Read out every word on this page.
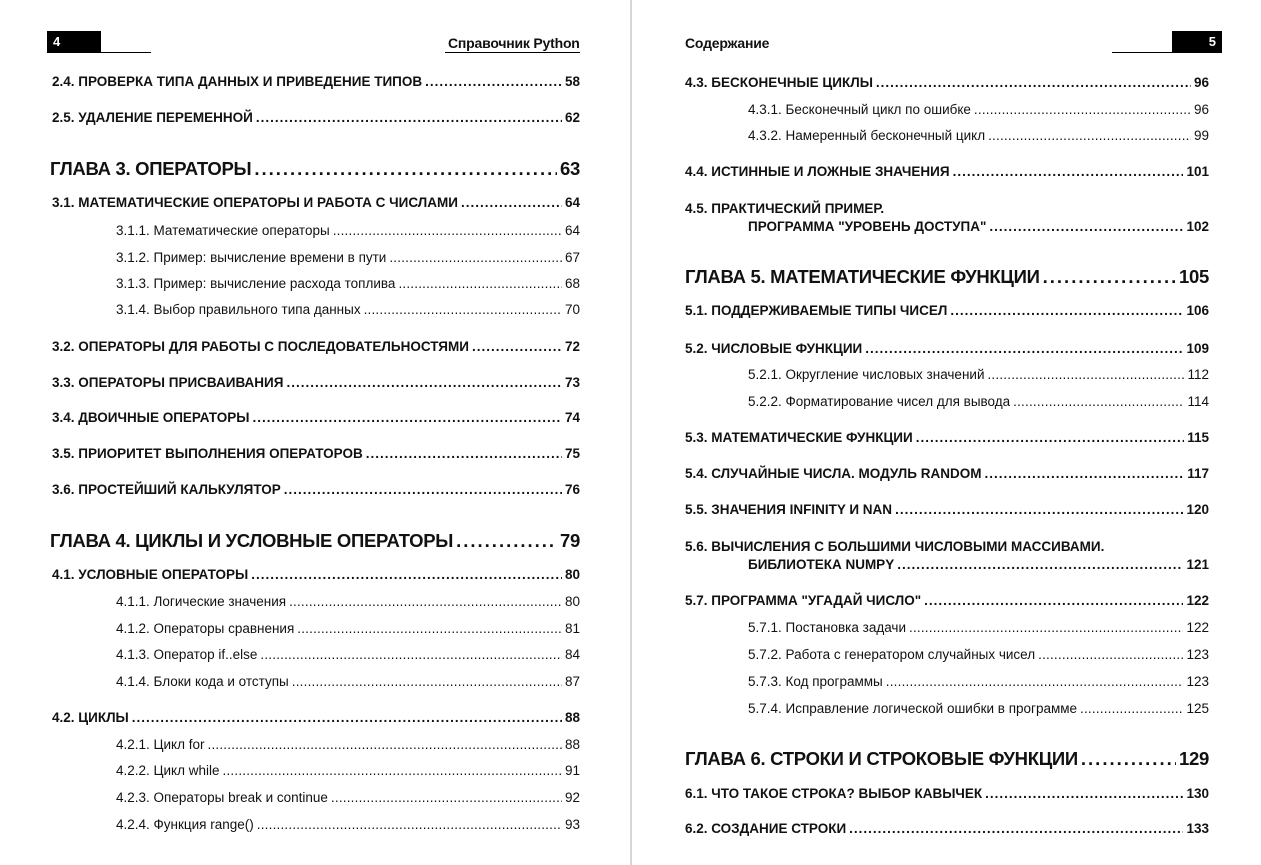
4	Справочник Python
2.4. ПРОВЕРКА ТИПА ДАННЫХ И ПРИВЕДЕНИЕ ТИПОВ .....	58
2.5. УДАЛЕНИЕ ПЕРЕМЕННОЙ .....	62
ГЛАВА 3. ОПЕРАТОРЫ .....	63
3.1. МАТЕМАТИЧЕСКИЕ ОПЕРАТОРЫ И РАБОТА С ЧИСЛАМИ .....	64
3.1.1. Математические операторы .....	64
3.1.2. Пример: вычисление времени в пути .....	67
3.1.3. Пример: вычисление расхода топлива .....	68
3.1.4. Выбор правильного типа данных .....	70
3.2. ОПЕРАТОРЫ ДЛЯ РАБОТЫ С ПОСЛЕДОВАТЕЛЬНОСТЯМИ .....	72
3.3. ОПЕРАТОРЫ ПРИСВАИВАНИЯ .....	73
3.4. ДВОИЧНЫЕ ОПЕРАТОРЫ .....	74
3.5. ПРИОРИТЕТ ВЫПОЛНЕНИЯ ОПЕРАТОРОВ .....	75
3.6. ПРОСТЕЙШИЙ КАЛЬКУЛЯТОР .....	76
ГЛАВА 4. ЦИКЛЫ И УСЛОВНЫЕ ОПЕРАТОРЫ .....	79
4.1. УСЛОВНЫЕ ОПЕРАТОРЫ .....	80
4.1.1. Логические значения .....	80
4.1.2. Операторы сравнения .....	81
4.1.3. Оператор if..else .....	84
4.1.4. Блоки кода и отступы .....	87
4.2. ЦИКЛЫ .....	88
4.2.1. Цикл for .....	88
4.2.2. Цикл while .....	91
4.2.3. Операторы break и continue .....	92
4.2.4. Функция range() .....	93
Содержание	5
4.3. БЕСКОНЕЧНЫЕ ЦИКЛЫ .....	96
4.3.1. Бесконечный цикл по ошибке .....	96
4.3.2. Намеренный бесконечный цикл .....	99
4.4. ИСТИННЫЕ И ЛОЖНЫЕ ЗНАЧЕНИЯ .....	101
4.5. ПРАКТИЧЕСКИЙ ПРИМЕР.
ПРОГРАММА "УРОВЕНЬ ДОСТУПА" .....	102
ГЛАВА 5. МАТЕМАТИЧЕСКИЕ ФУНКЦИИ .....	105
5.1. ПОДДЕРЖИВАЕМЫЕ ТИПЫ ЧИСЕЛ .....	106
5.2. ЧИСЛОВЫЕ ФУНКЦИИ .....	109
5.2.1. Округление числовых значений .....	112
5.2.2. Форматирование чисел для вывода .....	114
5.3. МАТЕМАТИЧЕСКИЕ ФУНКЦИИ .....	115
5.4. СЛУЧАЙНЫЕ ЧИСЛА. МОДУЛЬ RANDOM .....	117
5.5. ЗНАЧЕНИЯ INFINITY И NAN .....	120
5.6. ВЫЧИСЛЕНИЯ С БОЛЬШИМИ ЧИСЛОВЫМИ МАССИВАМИ.
БИБЛИОТЕКА NUMPY .....	121
5.7. ПРОГРАММА "УГАДАЙ ЧИСЛО" .....	122
5.7.1. Постановка задачи .....	122
5.7.2. Работа с генератором случайных чисел .....	123
5.7.3. Код программы .....	123
5.7.4. Исправление логической ошибки в программе .....	125
ГЛАВА 6. СТРОКИ И СТРОКОВЫЕ ФУНКЦИИ .....	129
6.1. ЧТО ТАКОЕ СТРОКА? ВЫБОР КАВЫЧЕК .....	130
6.2. СОЗДАНИЕ СТРОКИ .....	133
